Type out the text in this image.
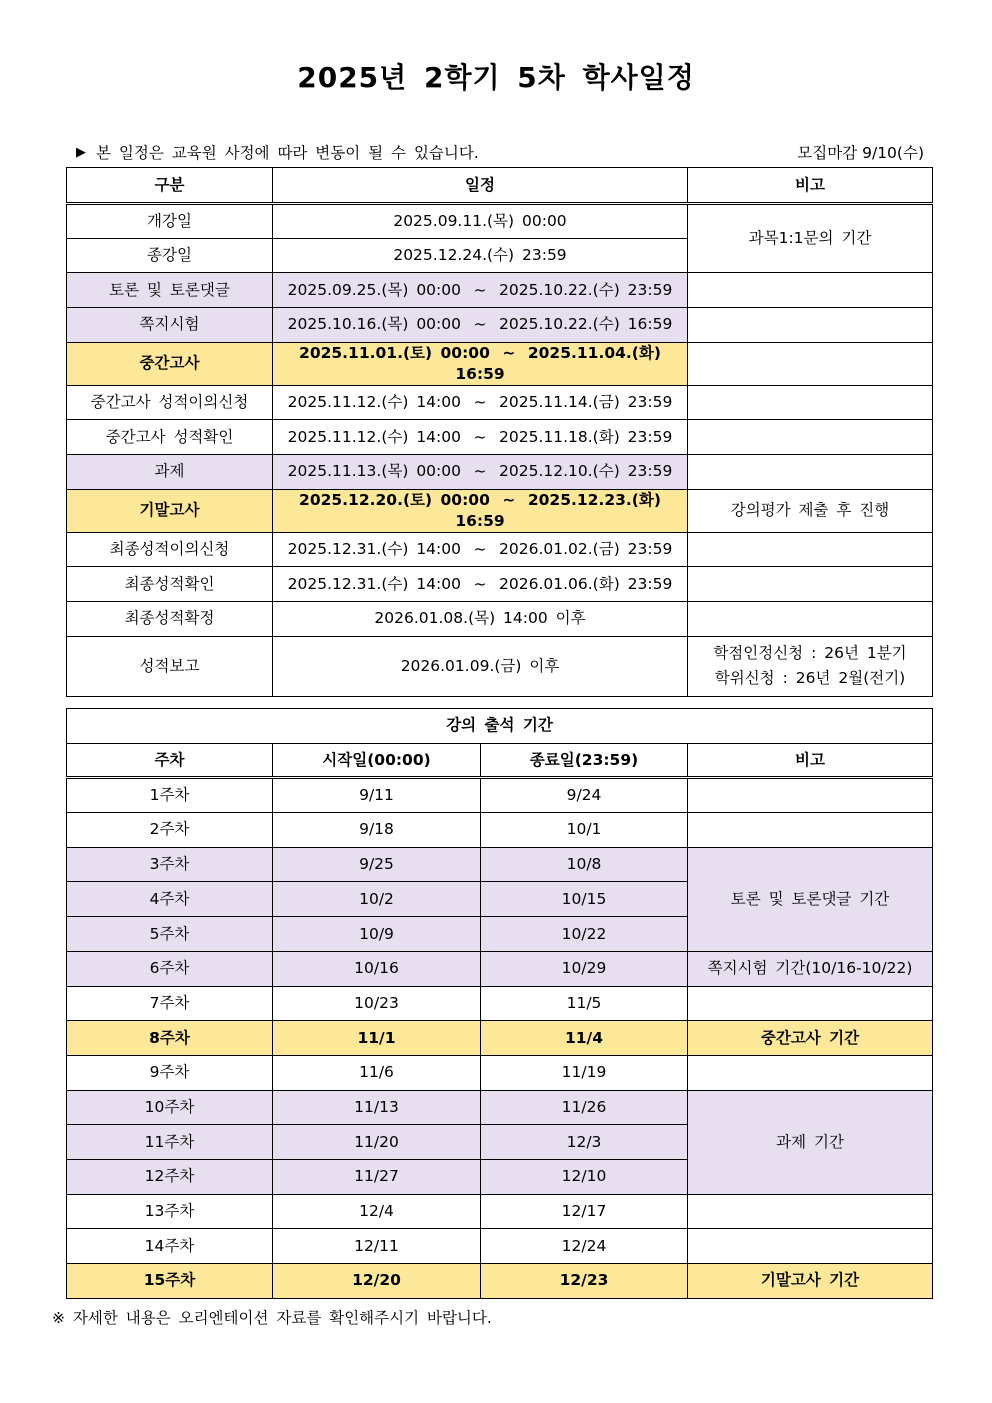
2025년 2학기 5차 학사일정
▶ 본 일정은 교육원 사정에 따라 변동이 될 수 있습니다.	모집마감 9/10(수)
구분	일정	비고
개강일	2025.09.11.(목) 00:00	과목1:1문의 기간
종강일	2025.12.24.(수) 23:59	
토론 및 토론댓글	2025.09.25.(목) 00:00 ~ 2025.10.22.(수) 23:59	
쪽지시험	2025.10.16.(목) 00:00 ~ 2025.10.22.(수) 16:59	
중간고사	2025.11.01.(토) 00:00 ~ 2025.11.04.(화) 16:59	
중간고사 성적이의신청	2025.11.12.(수) 14:00 ~ 2025.11.14.(금) 23:59	
중간고사 성적확인	2025.11.12.(수) 14:00 ~ 2025.11.18.(화) 23:59	
과제	2025.11.13.(목) 00:00 ~ 2025.12.10.(수) 23:59	
기말고사	2025.12.20.(토) 00:00 ~ 2025.12.23.(화) 16:59	강의평가 제출 후 진행
최종성적이의신청	2025.12.31.(수) 14:00 ~ 2026.01.02.(금) 23:59	
최종성적확인	2025.12.31.(수) 14:00 ~ 2026.01.06.(화) 23:59	
최종성적확정	2026.01.08.(목) 14:00 이후	
성적보고	2026.01.09.(금) 이후	학점인정신청 : 26년 1분기
학위신청 : 26년 2월(전기)
강의 출석 기간			
주차	시작일(00:00)	종료일(23:59)	비고
1주차	9/11	9/24	
2주차	9/18	10/1	
3주차	9/25	10/8	토론 및 토론댓글 기간
4주차	10/2	10/15	
5주차	10/9	10/22	
6주차	10/16	10/29	쪽지시험 기간(10/16-10/22)
7주차	10/23	11/5	
8주차	11/1	11/4	중간고사 기간
9주차	11/6	11/19	
10주차	11/13	11/26	과제 기간
11주차	11/20	12/3	
12주차	11/27	12/10	
13주차	12/4	12/17	
14주차	12/11	12/24	
15주차	12/20	12/23	기말고사 기간
※ 자세한 내용은 오리엔테이션 자료를 확인해주시기 바랍니다.
